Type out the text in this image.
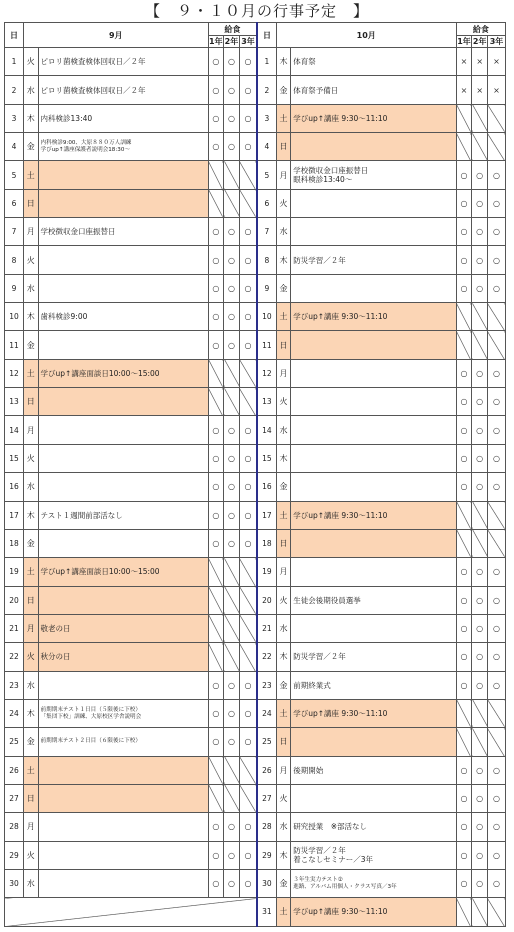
【　９・１０月の行事予定　】
日	9月		給食			日	10月		給食		
			1年	2年	3年				1年	2年	3年
1	火	ピロリ菌検査検体回収日／２年	○	○	○	1	木	体育祭	×	×	×
2	水	ピロリ菌検査検体回収日／２年	○	○	○	2	金	体育祭予備日	×	×	×
3	木	内科検診13:40	○	○	○	3	土	学びup↑講座 9:30～11:10			

4	金	内科検診9:00、大原８８０万人訓練
学びup↑講座保護者説明会18:30～	○	○	○	4	日				
5	土					5	月	学校徴収金口座振替日
眼科検診13:40～	○	○	○
6	日					6	火		○	○	○
7	月	学校徴収金口座振替日	○	○	○	7	水		○	○	○
8	火		○	○	○	8	木	防災学習／２年	○	○	○
9	水		○	○	○	9	金		○	○	○
10	木	歯科検診9:00	○	○	○	10	土	学びup↑講座 9:30～11:10			

11	金		○	○	○	11	日				
12	土	学びup↑講座面談日10:00～15:00				12	月		○	○	○
13	日					13	火		○	○	○
14	月		○	○	○	14	水		○	○	○
15	火		○	○	○	15	木		○	○	○
16	水		○	○	○	16	金		○	○	○
17	木	テスト１週間前部活なし	○	○	○	17	土	学びup↑講座 9:30～11:10			

18	金		○	○	○	18	日				
19	土	学びup↑講座面談日10:00～15:00				19	月		○	○	○
20	日					20	火	生徒会後期役員選挙	○	○	○
21	月	敬老の日				21	水		○	○	○
22	火	秋分の日				22	木	防災学習／２年	○	○	○
23	水		○	○	○	23	金	前期終業式	○	○	○
24	木	前期期末テスト１日目（５限後に下校）
「集団下校」訓練、大原校区学舎説明会	○	○	○	24	土	学びup↑講座 9:30～11:10			

25	金	前期期末テスト２日目（６限後に下校）	○	○	○	25	日				
26	土					26	月	後期開始	○	○	○
27	日					27	火		○	○	○
28	月		○	○	○	28	水	研究授業　※部活なし	○	○	○
29	火		○	○	○	29	木	防災学習／２年
着こなしセミナー／3年	○	○	○
30	水		○	○	○	30	金	３年生実力テスト②
進路、アルバム用個人・クラス写真／3年	○	○	○
						31	土	学びup↑講座 9:30～11:10			
